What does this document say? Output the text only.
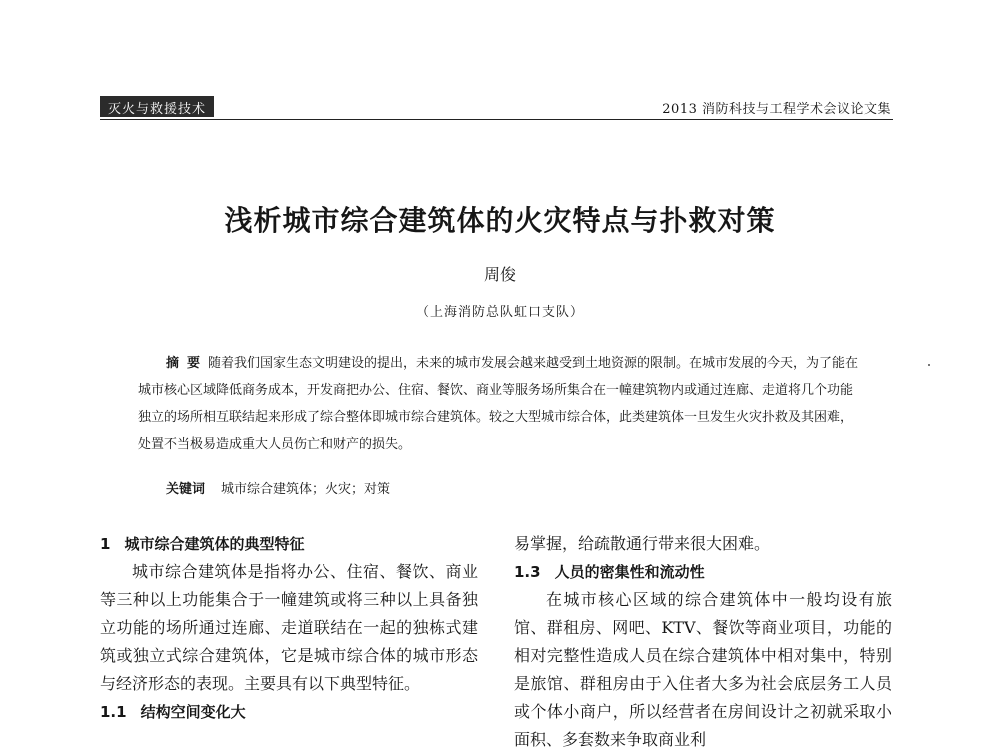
灭火与救援技术	2013 消防科技与工程学术会议论文集
浅析城市综合建筑体的火灾特点与扑救对策
周俊
（上海消防总队虹口支队）
摘要随着我们国家生态文明建设的提出，未来的城市发展会越来越受到土地资源的限制。在城市发展的今天，为了能在城市核心区域降低商务成本，开发商把办公、住宿、餐饮、商业等服务场所集合在一幢建筑物内或通过连廊、走道将几个功能独立的场所相互联结起来形成了综合整体即城市综合建筑体。较之大型城市综合体，此类建筑体一旦发生火灾扑救及其困难，处置不当极易造成重大人员伤亡和财产的损失。
关键词 城市综合建筑体；火灾；对策
1 城市综合建筑体的典型特征
城市综合建筑体是指将办公、住宿、餐饮、商业等三种以上功能集合于一幢建筑或将三种以上具备独立功能的场所通过连廊、走道联结在一起的独栋式建筑或独立式综合建筑体，它是城市综合体的城市形态与经济形态的表现。主要具有以下典型特征。
1.1 结构空间变化大
易掌握，给疏散通行带来很大困难。
1.3 人员的密集性和流动性
在城市核心区域的综合建筑体中一般均设有旅馆、群租房、网吧、KTV、餐饮等商业项目，功能的相对完整性造成人员在综合建筑体中相对集中，特别是旅馆、群租房由于入住者大多为社会底层务工人员或个体小商户，所以经营者在房间设计之初就采取小面积、多套数来争取商业利
